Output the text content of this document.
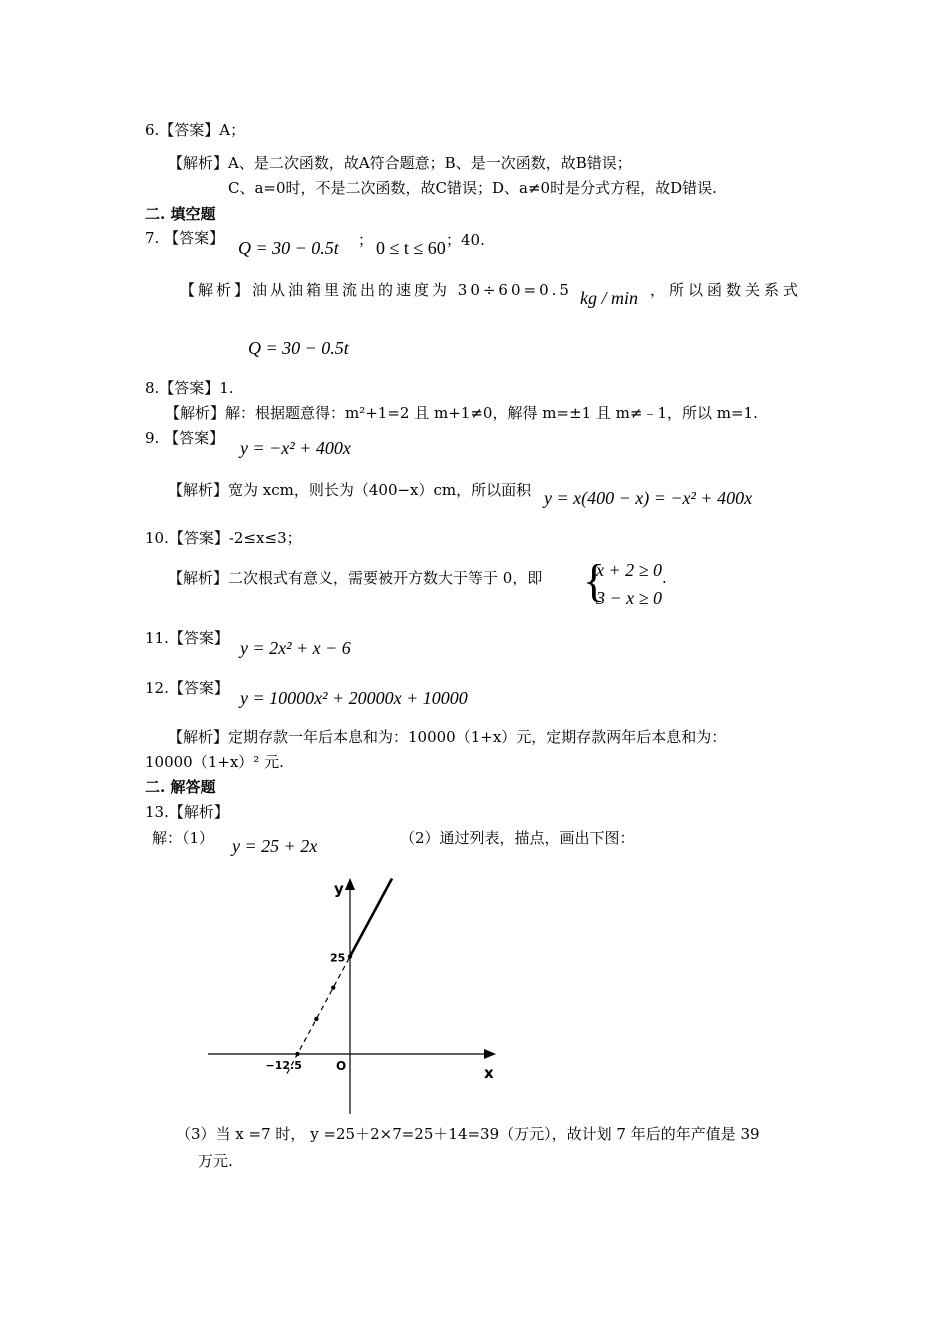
6.【答案】A；
【解析】A、是二次函数，故A符合题意；B、是一次函数，故B错误；
C、a=0时，不是二次函数，故C错误；D、a≠0时是分式方程，故D错误.
二. 填空题
7. 【答案】 Q = 30 − 0.5t ； 0 ≤ t ≤ 60 ；40.
【解析】油从油箱里流出的速度为 30÷60=0.5 kg / min ，所以函数关系式
Q = 30 − 0.5t
8.【答案】1.
【解析】解：根据题意得：m²+1=2 且 m+1≠0，解得 m=±1 且 m≠﹣1，所以 m=1.
9. 【答案】 y = −x² + 400x
【解析】宽为 xcm，则长为（400−x）cm，所以面积 y = x(400 − x) = −x² + 400x
10.【答案】-2≤x≤3；
【解析】二次根式有意义，需要被开方数大于等于 0，即 {
x + 2 ≥ 0
3 − x ≥ 0
.
11.【答案】 y = 2x² + x − 6
12.【答案】 y = 10000x² + 20000x + 10000
【解析】定期存款一年后本息和为：10000（1+x）元，定期存款两年后本息和为：
10000（1+x）² 元.
二. 解答题
13.【解析】
解：（1） y = 25 + 2x	（2）通过列表，描点，画出下图：
y
x
O
25
−12.5
（3）当 x =7 时， y =25＋2×7=25＋14=39（万元），故计划 7 年后的年产值是 39
万元.
